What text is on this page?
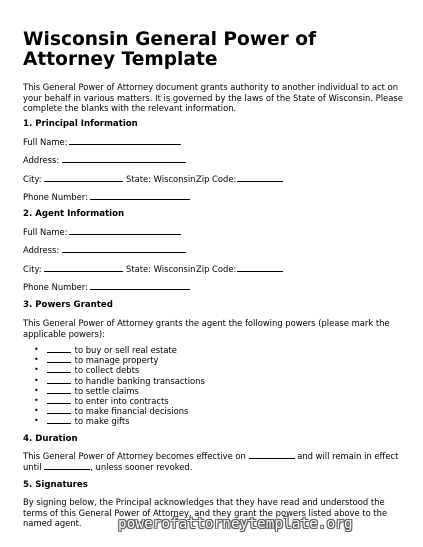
Wisconsin General Power of Attorney Template
This General Power of Attorney document grants authority to another individual to act on your behalf in various matters. It is governed by the laws of the State of Wisconsin. Please complete the blanks with the relevant information.
1. Principal Information
Full Name:
Address:
City:	State: Wisconsin Zip Code:
Phone Number:
2. Agent Information
Full Name:
Address:
City:	State: Wisconsin Zip Code:
Phone Number:
3. Powers Granted
This General Power of Attorney grants the agent the following powers (please mark the applicable powers):
•	to buy or sell real estate
•	to manage property
•	to collect debts
•	to handle banking transactions
•	to settle claims
•	to enter into contracts
•	to make financial decisions
•	to make gifts
4. Duration
This General Power of Attorney becomes effective on	and will remain in effect
until	, unless sooner revoked.
5. Signatures
By signing below, the Principal acknowledges that they have read and understood the terms of this General Power of Attorney, and they grant the powers listed above to the named agent.	powerofattorneytemplate.org
